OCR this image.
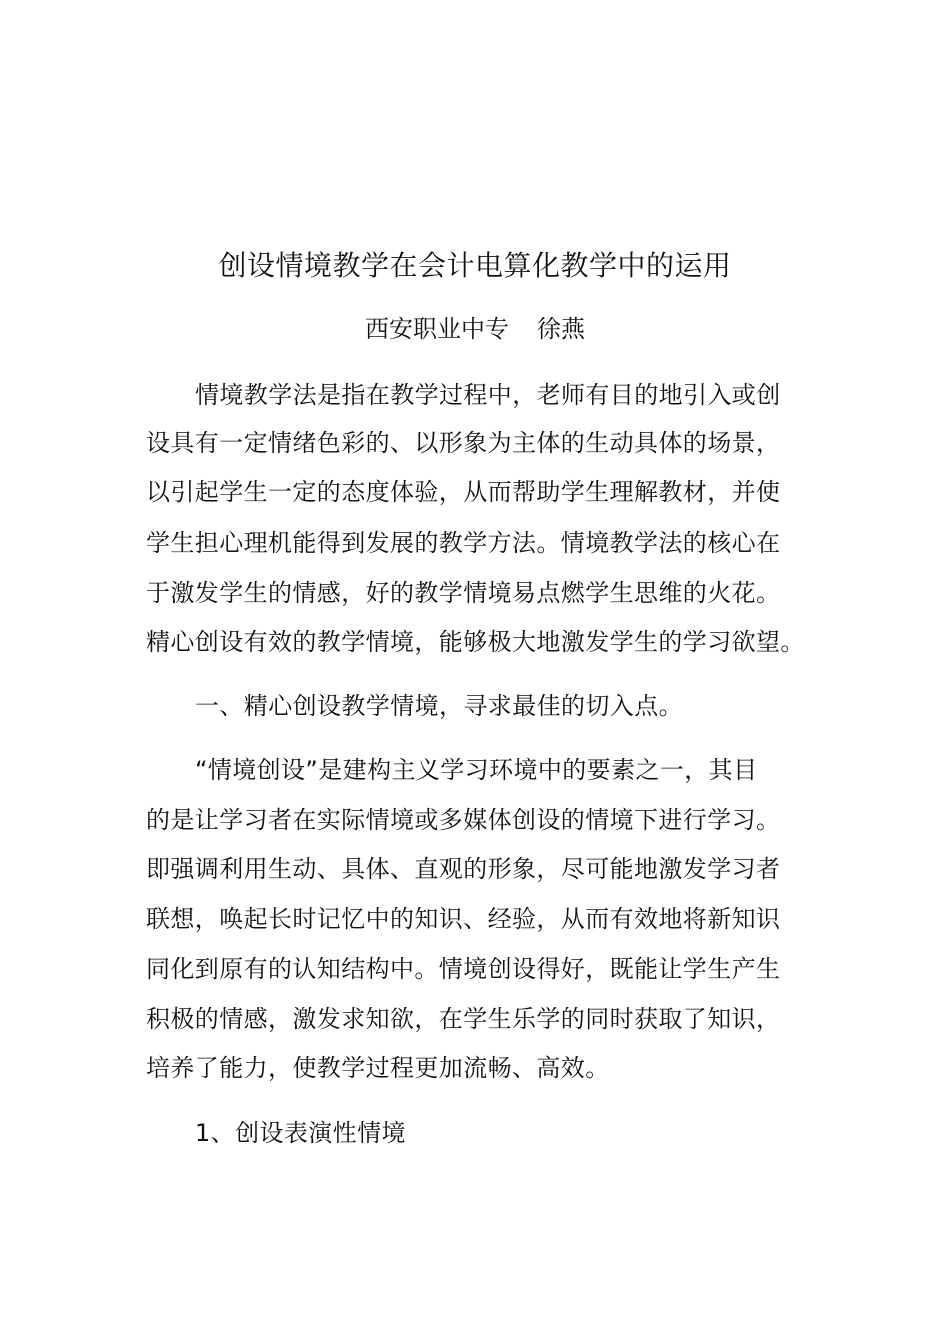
创设情境教学在会计电算化教学中的运用
西安职业中专 徐燕
情境教学法是指在教学过程中，老师有目的地引入或创
设具有一定情绪色彩的、以形象为主体的生动具体的场景，
以引起学生一定的态度体验，从而帮助学生理解教材，并使
学生担心理机能得到发展的教学方法。情境教学法的核心在
于激发学生的情感，好的教学情境易点燃学生思维的火花。
精心创设有效的教学情境，能够极大地激发学生的学习欲望。
一、精心创设教学情境，寻求最佳的切入点。
“情境创设”是建构主义学习环境中的要素之一，其目
的是让学习者在实际情境或多媒体创设的情境下进行学习。
即强调利用生动、具体、直观的形象，尽可能地激发学习者
联想，唤起长时记忆中的知识、经验，从而有效地将新知识
同化到原有的认知结构中。情境创设得好，既能让学生产生
积极的情感，激发求知欲，在学生乐学的同时获取了知识，
培养了能力，使教学过程更加流畅、高效。
1、创设表演性情境
